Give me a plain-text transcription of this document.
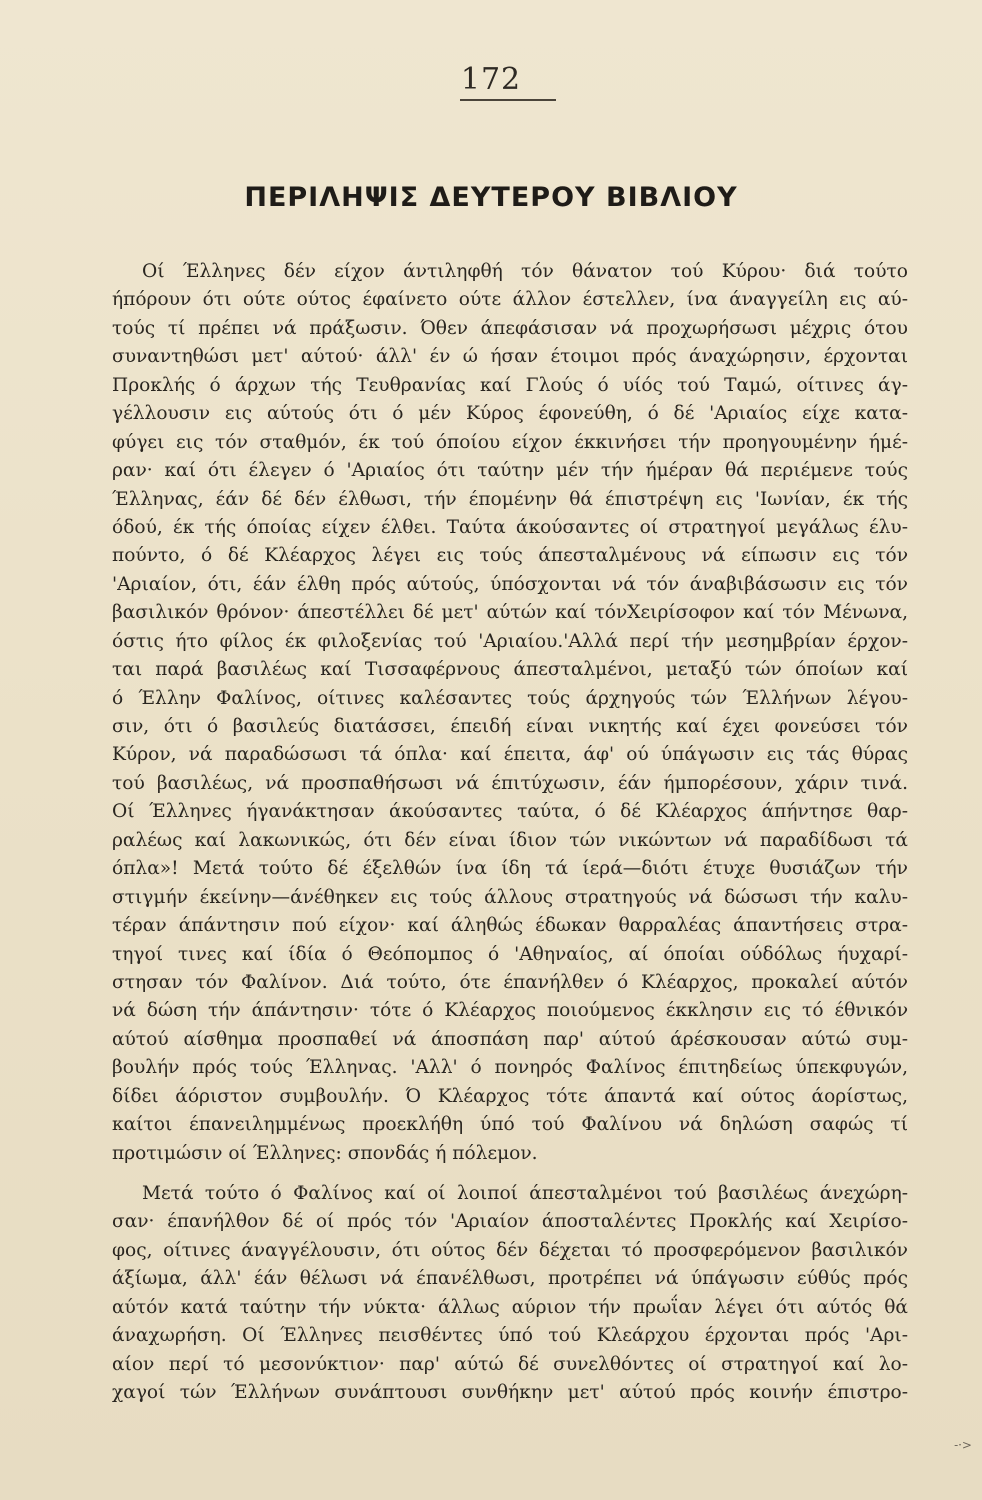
172
ΠΕΡΙΛΗΨΙΣ ΔΕΥΤΕΡΟΥ ΒΙΒΛΙΟΥ
Οί Έλληνες δέν είχον άντιληφθή τόν θάνατον τού Κύρου· διά τούτο
ήπόρουν ότι ούτε ούτος έφαίνετο ούτε άλλον έστελλεν, ίνα άναγγείλη εις αύ-
τούς τί πρέπει νά πράξωσιν. Όθεν άπεφάσισαν νά προχωρήσωσι μέχρις ότου
συναντηθώσι μετ' αύτού· άλλ' έν ώ ήσαν έτοιμοι πρός άναχώρησιν, έρχονται
Προκλής ό άρχων τής Τευθρανίας καί Γλούς ό υίός τού Ταμώ, οίτινες άγ-
γέλλουσιν εις αύτούς ότι ό μέν Κύρος έφονεύθη, ό δέ 'Αριαίος είχε κατα-
φύγει εις τόν σταθμόν, έκ τού όποίου είχον έκκινήσει τήν προηγουμένην ήμέ-
ραν· καί ότι έλεγεν ό 'Αριαίος ότι ταύτην μέν τήν ήμέραν θά περιέμενε τούς
Έλληνας, έάν δέ δέν έλθωσι, τήν έπομένην θά έπιστρέψη εις 'Ιωνίαν, έκ τής
όδού, έκ τής όποίας είχεν έλθει. Ταύτα άκούσαντες οί στρατηγοί μεγάλως έλυ-
πούντο, ό δέ Κλέαρχος λέγει εις τούς άπεσταλμένους νά είπωσιν εις τόν
'Αριαίον, ότι, έάν έλθη πρός αύτούς, ύπόσχονται νά τόν άναβιβάσωσιν εις τόν
βασιλικόν θρόνον· άπεστέλλει δέ μετ' αύτών καί τόνΧειρίσοφον καί τόν Μένωνα,
όστις ήτο φίλος έκ φιλοξενίας τού 'Αριαίου.'Αλλά περί τήν μεσημβρίαν έρχον-
ται παρά βασιλέως καί Τισσαφέρνους άπεσταλμένοι, μεταξύ τών όποίων καί
ό Έλλην Φαλίνος, οίτινες καλέσαντες τούς άρχηγούς τών Έλλήνων λέγου-
σιν, ότι ό βασιλεύς διατάσσει, έπειδή είναι νικητής καί έχει φονεύσει τόν
Κύρον, νά παραδώσωσι τά όπλα· καί έπειτα, άφ' ού ύπάγωσιν εις τάς θύρας
τού βασιλέως, νά προσπαθήσωσι νά έπιτύχωσιν, έάν ήμπορέσουν, χάριν τινά.
Οί Έλληνες ήγανάκτησαν άκούσαντες ταύτα, ό δέ Κλέαρχος άπήντησε θαρ-
ραλέως καί λακωνικώς, ότι δέν είναι ίδιον τών νικώντων νά παραδίδωσι τά
όπλα»! Μετά τούτο δέ έξελθών ίνα ίδη τά ίερά—διότι έτυχε θυσιάζων τήν
στιγμήν έκείνην—άνέθηκεν εις τούς άλλους στρατηγούς νά δώσωσι τήν καλυ-
τέραν άπάντησιν πού είχον· καί άληθώς έδωκαν θαρραλέας άπαντήσεις στρα-
τηγοί τινες καί ίδία ό Θεόπομπος ό 'Αθηναίος, αί όποίαι ούδόλως ήυχαρί-
στησαν τόν Φαλίνον. Διά τούτο, ότε έπανήλθεν ό Κλέαρχος, προκαλεί αύτόν
νά δώση τήν άπάντησιν· τότε ό Κλέαρχος ποιούμενος έκκλησιν εις τό έθνικόν
αύτού αίσθημα προσπαθεί νά άποσπάση παρ' αύτού άρέσκουσαν αύτώ συμ-
βουλήν πρός τούς Έλληνας. 'Αλλ' ό πονηρός Φαλίνος έπιτηδείως ύπεκφυγών,
δίδει άόριστον συμβουλήν. Ό Κλέαρχος τότε άπαντά καί ούτος άορίστως,
καίτοι έπανειλημμένως προεκλήθη ύπό τού Φαλίνου νά δηλώση σαφώς τί
προτιμώσιν οί Έλληνες: σπονδάς ή πόλεμον.
Μετά τούτο ό Φαλίνος καί οί λοιποί άπεσταλμένοι τού βασιλέως άνεχώρη-
σαν· έπανήλθον δέ οί πρός τόν 'Αριαίον άποσταλέντες Προκλής καί Χειρίσο-
φος, οίτινες άναγγέλουσιν, ότι ούτος δέν δέχεται τό προσφερόμενον βασιλικόν
άξίωμα, άλλ' έάν θέλωσι νά έπανέλθωσι, προτρέπει νά ύπάγωσιν εύθύς πρός
αύτόν κατά ταύτην τήν νύκτα· άλλως αύριον τήν πρωΐαν λέγει ότι αύτός θά
άναχωρήση. Οί Έλληνες πεισθέντες ύπό τού Κλεάρχου έρχονται πρός 'Αρι-
αίον περί τό μεσονύκτιον· παρ' αύτώ δέ συνελθόντες οί στρατηγοί καί λο-
χαγοί τών Έλλήνων συνάπτουσι συνθήκην μετ' αύτού πρός κοινήν έπιστρο-
-·>
